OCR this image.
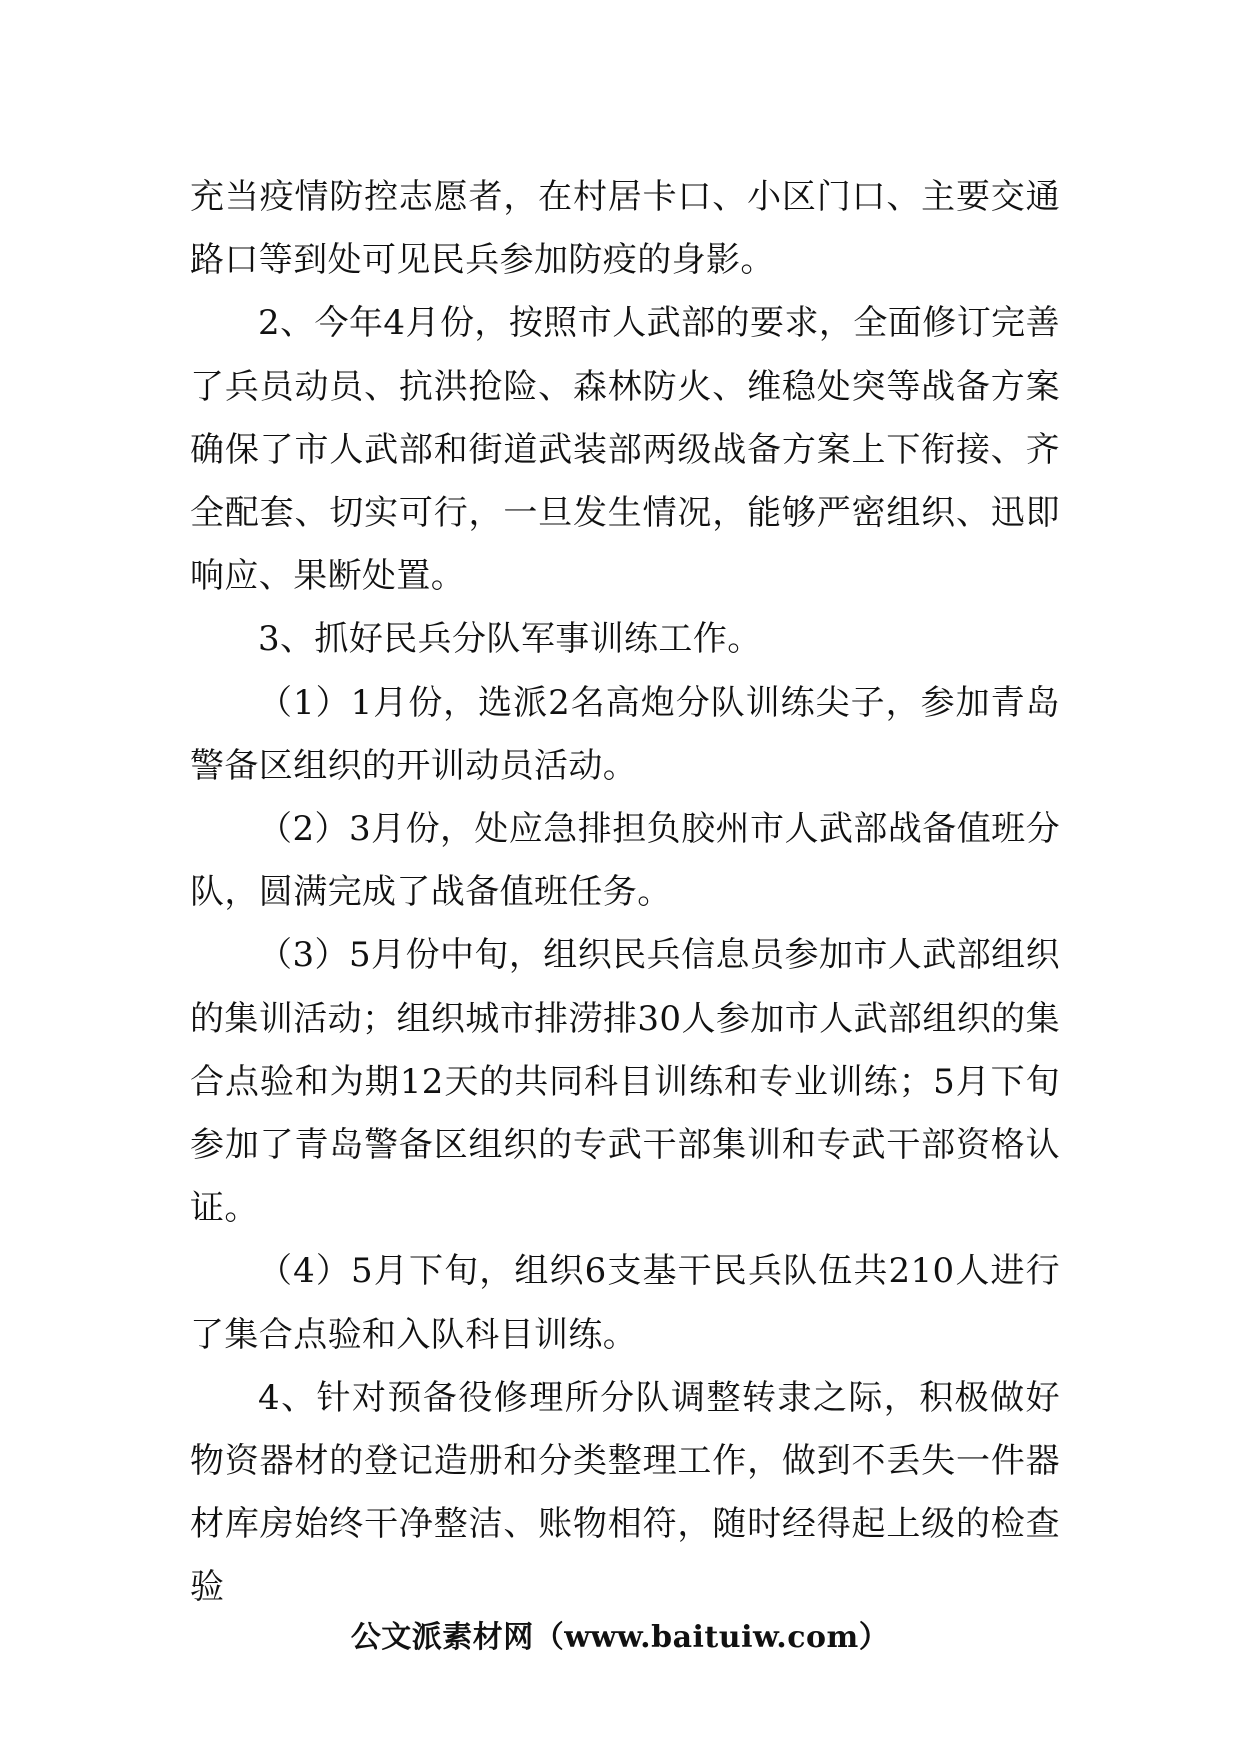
充当疫情防控志愿者，在村居卡口、小区门口、主要交通路口等到处可见民兵参加防疫的身影。

2、今年4月份，按照市人武部的要求，全面修订完善了兵员动员、抗洪抢险、森林防火、维稳处突等战备方案确保了市人武部和街道武装部两级战备方案上下衔接、齐全配套、切实可行，一旦发生情况，能够严密组织、迅即响应、果断处置。

3、抓好民兵分队军事训练工作。

（1）1月份，选派2名高炮分队训练尖子，参加青岛警备区组织的开训动员活动。

（2）3月份，处应急排担负胶州市人武部战备值班分队，圆满完成了战备值班任务。

（3）5月份中旬，组织民兵信息员参加市人武部组织的集训活动；组织城市排涝排30人参加市人武部组织的集合点验和为期12天的共同科目训练和专业训练；5月下旬参加了青岛警备区组织的专武干部集训和专武干部资格认证。

（4）5月下旬，组织6支基干民兵队伍共210人进行了集合点验和入队科目训练。

4、针对预备役修理所分队调整转隶之际，积极做好物资器材的登记造册和分类整理工作，做到不丢失一件器材库房始终干净整洁、账物相符，随时经得起上级的检查验

公文派素材网（www.baituiw.com）
